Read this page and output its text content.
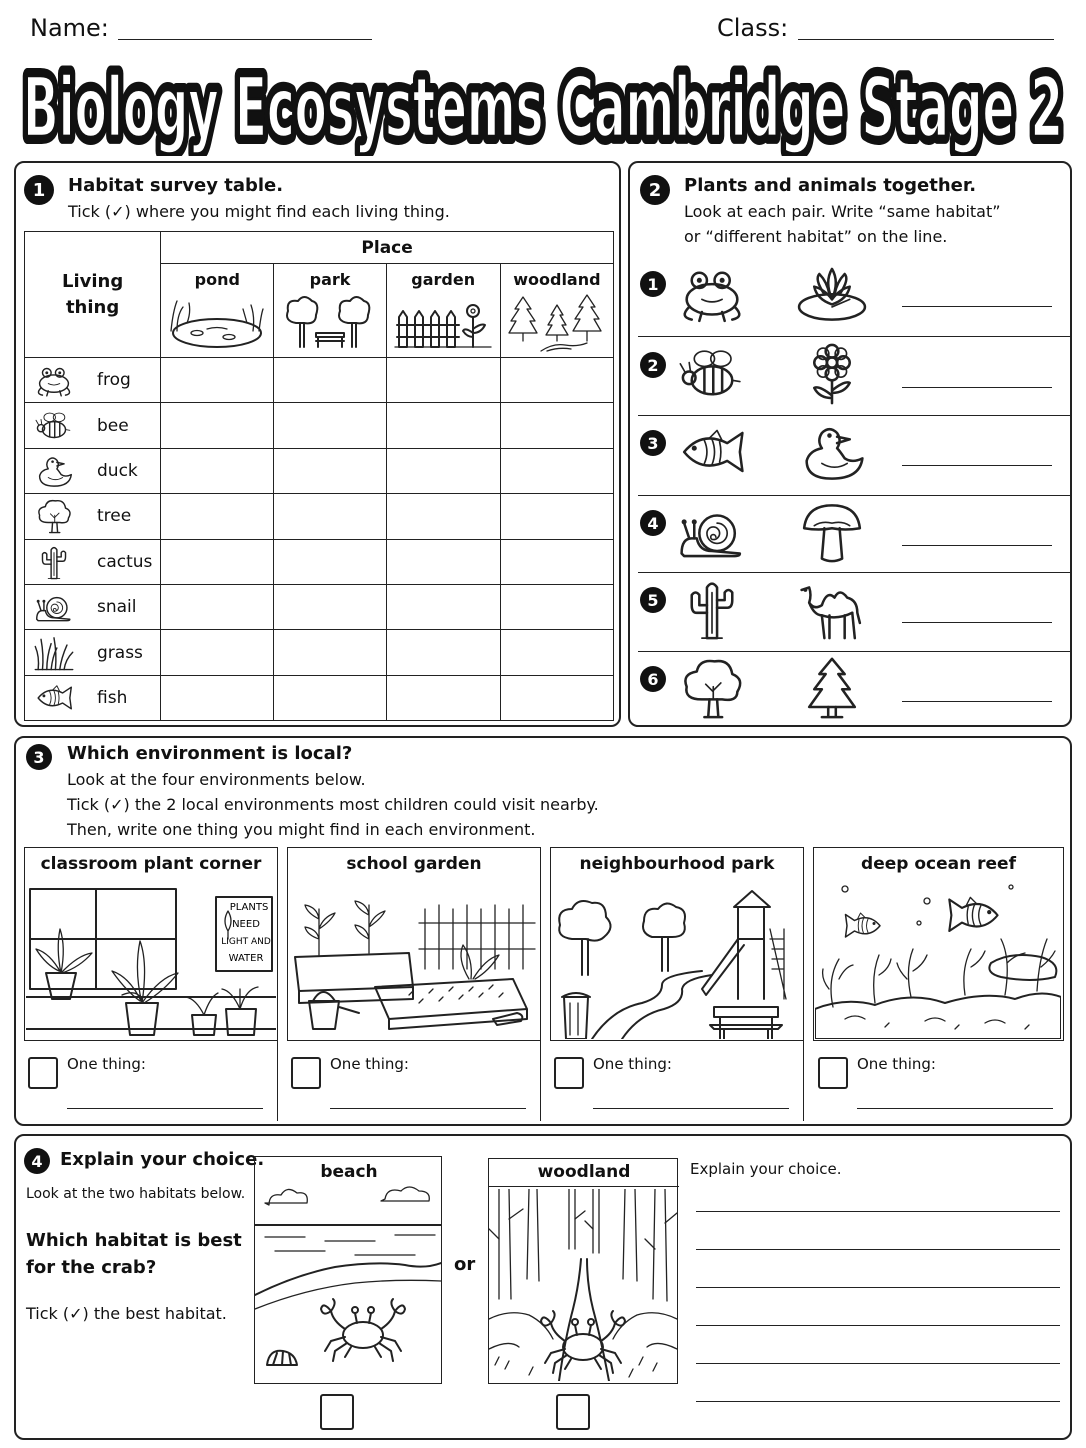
Name:	Class:
Biology Ecosystems Cambridge Stage 2
Biology Ecosystems Cambridge Stage 2
1	Habitat survey table.
Tick (✓) where you might find each living thing.
Living thing	Place			

	pond	park	garden	woodland

frog				

bee				

duck				

tree				

cactus				

snail				

grass				

fish				

2	Plants and animals together.
Look at each pair. Write “same habitat”
or “different habitat” on the line.
1
2
3
4
5
6
3	Which environment is local?
Look at the four environments below.
Tick (✓) the 2 local environments most children could visit nearby.
Then, write one thing you might find in each environment.
classroom plant corner
PLANTS
NEED
LIGHT AND
WATER
One thing:
school garden
One thing:
neighbourhood park
One thing:
deep ocean reef
One thing:
4 Explain your choice.
Look at the two habitats below.
Which habitat is best
for the crab?
Tick (✓) the best habitat.
beach
or
woodland	Explain your choice.
